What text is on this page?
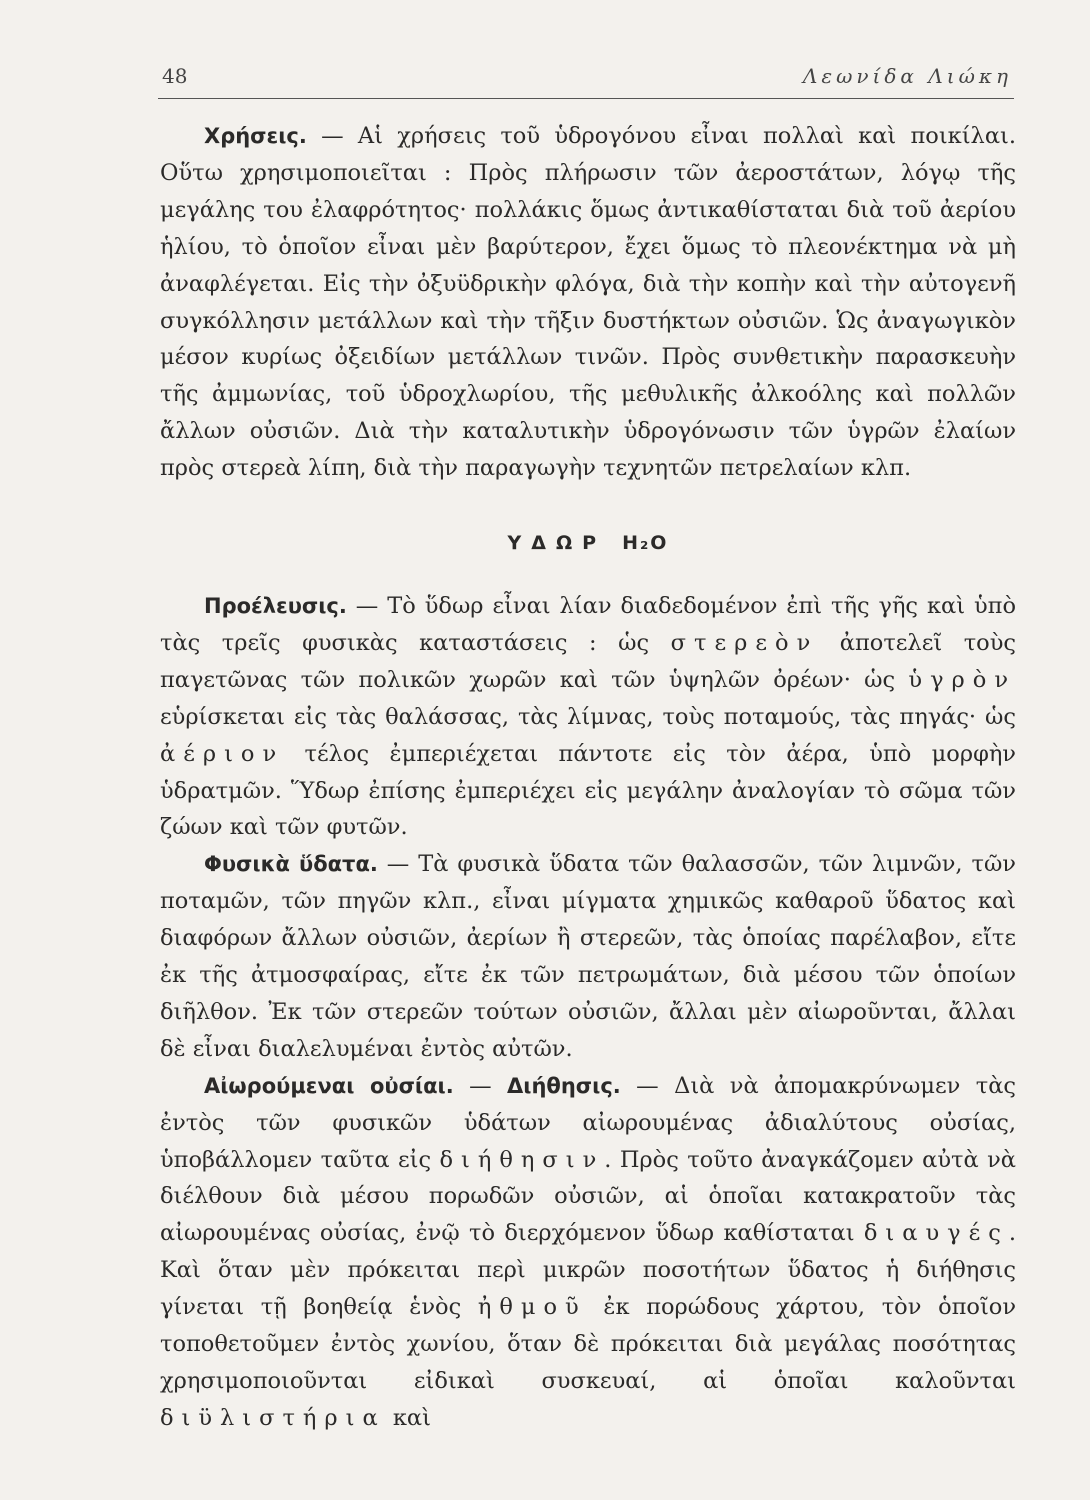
48	Λεωνίδα Λιώκη

Χρήσεις. — Αἱ χρήσεις τοῦ ὑδρογόνου εἶναι πολλαὶ καὶ ποικίλαι. Οὕτω χρησιμοποιεῖται : Πρὸς πλήρωσιν τῶν ἀεροστάτων, λόγῳ τῆς μεγάλης του ἐλαφρότητος· πολλάκις ὅμως ἀντικαθίσταται διὰ τοῦ ἀερίου ἡλίου, τὸ ὁποῖον εἶναι μὲν βαρύτερον, ἔχει ὅμως τὸ πλεονέκτημα νὰ μὴ ἀναφλέγεται. Εἰς τὴν ὀξυϋδρικὴν φλόγα, διὰ τὴν κοπὴν καὶ τὴν αὐτογενῆ συγκόλλησιν μετάλλων καὶ τὴν τῆξιν δυστήκτων οὐσιῶν. Ὡς ἀναγωγικὸν μέσον κυρίως ὀξειδίων μετάλλων τινῶν. Πρὸς συνθετικὴν παρασκευὴν τῆς ἀμμωνίας, τοῦ ὑδροχλωρίου, τῆς μεθυλικῆς ἀλκοόλης καὶ πολλῶν ἄλλων οὐσιῶν. Διὰ τὴν καταλυτικὴν ὑδρογόνωσιν τῶν ὑγρῶν ἐλαίων πρὸς στερεὰ λίπη, διὰ τὴν παραγωγὴν τεχνητῶν πετρελαίων κλπ.

ΥΔΩΡ H₂O

Προέλευσις. — Τὸ ὕδωρ εἶναι λίαν διαδεδομένον ἐπὶ τῆς γῆς καὶ ὑπὸ τὰς τρεῖς φυσικὰς καταστάσεις : ὡς στερεὸν ἀποτελεῖ τοὺς παγετῶνας τῶν πολικῶν χωρῶν καὶ τῶν ὑψηλῶν ὀρέων· ὡς ὑγρὸν εὑρίσκεται εἰς τὰς θαλάσσας, τὰς λίμνας, τοὺς ποταμούς, τὰς πηγάς· ὡς ἀέριον τέλος ἐμπεριέχεται πάντοτε εἰς τὸν ἀέρα, ὑπὸ μορφὴν ὑδρατμῶν. Ὕδωρ ἐπίσης ἐμπεριέχει εἰς μεγάλην ἀναλογίαν τὸ σῶμα τῶν ζώων καὶ τῶν φυτῶν.

Φυσικὰ ὕδατα. — Τὰ φυσικὰ ὕδατα τῶν θαλασσῶν, τῶν λιμνῶν, τῶν ποταμῶν, τῶν πηγῶν κλπ., εἶναι μίγματα χημικῶς καθαροῦ ὕδατος καὶ διαφόρων ἄλλων οὐσιῶν, ἀερίων ἢ στερεῶν, τὰς ὁποίας παρέλαβον, εἴτε ἐκ τῆς ἀτμοσφαίρας, εἴτε ἐκ τῶν πετρωμάτων, διὰ μέσου τῶν ὁποίων διῆλθον. Ἐκ τῶν στερεῶν τούτων οὐσιῶν, ἄλλαι μὲν αἰωροῦνται, ἄλλαι δὲ εἶναι διαλελυμέναι ἐντὸς αὐτῶν.

Αἰωρούμεναι οὐσίαι. — Διήθησις. — Διὰ νὰ ἀπομακρύνωμεν τὰς ἐντὸς τῶν φυσικῶν ὑδάτων αἰωρουμένας ἀδιαλύτους οὐσίας, ὑποβάλλομεν ταῦτα εἰς διήθησιν. Πρὸς τοῦτο ἀναγκάζομεν αὐτὰ νὰ διέλθουν διὰ μέσου πορωδῶν οὐσιῶν, αἱ ὁποῖαι κατακρατοῦν τὰς αἰωρουμένας οὐσίας, ἐνῷ τὸ διερχόμενον ὕδωρ καθίσταται διαυγές. Καὶ ὅταν μὲν πρόκειται περὶ μικρῶν ποσοτήτων ὕδατος ἡ διήθησις γίνεται τῇ βοηθείᾳ ἑνὸς ἠθμοῦ ἐκ πορώδους χάρτου, τὸν ὁποῖον τοποθετοῦμεν ἐντὸς χωνίου, ὅταν δὲ πρόκειται διὰ μεγάλας ποσότητας χρησιμοποιοῦνται εἰδικαὶ συσκευαί, αἱ ὁποῖαι καλοῦνται διϋλιστήρια καὶ
